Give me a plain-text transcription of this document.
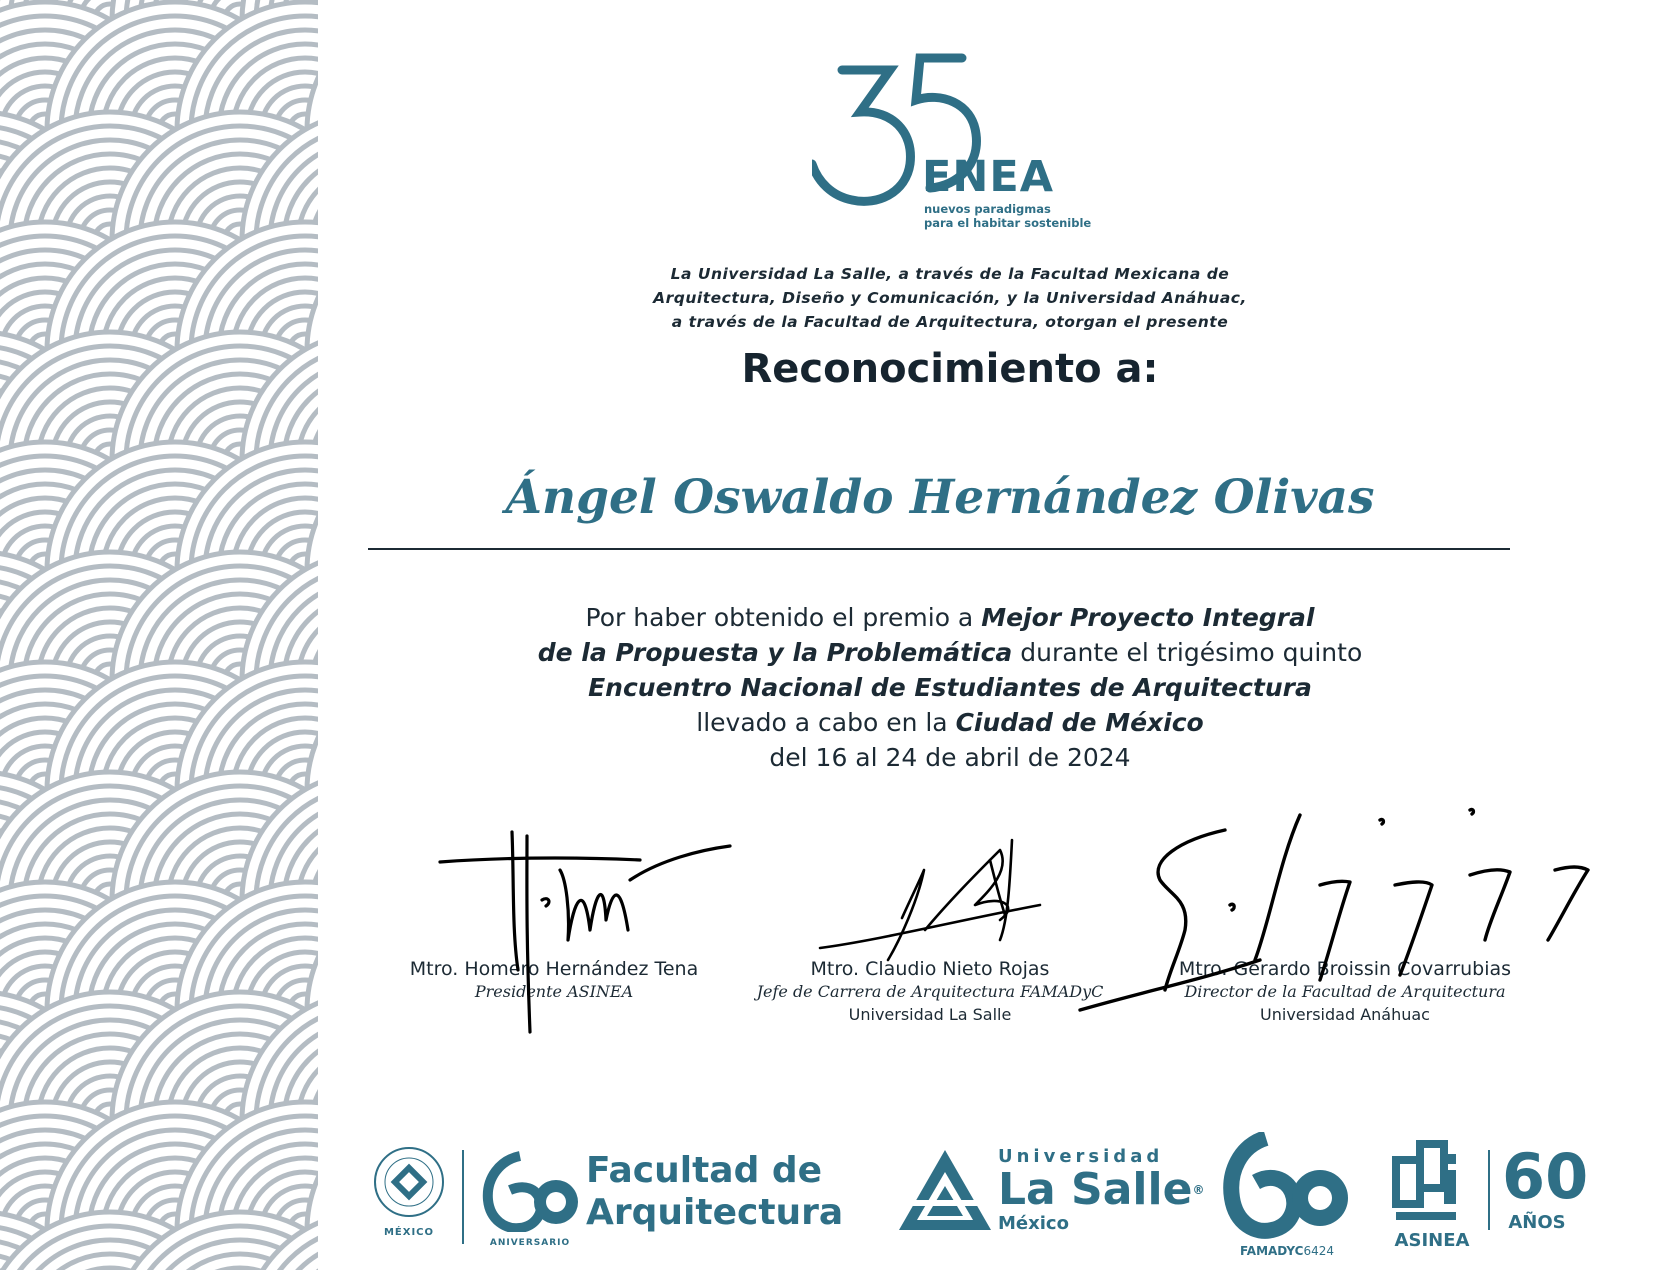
ENEA
nuevos paradigmas
para el habitar sostenible
La Universidad La Salle, a través de la Facultad Mexicana de
Arquitectura, Diseño y Comunicación, y la Universidad Anáhuac,
a través de la Facultad de Arquitectura, otorgan el presente
Reconocimiento a:
Ángel Oswaldo Hernández Olivas
Por haber obtenido el premio a Mejor Proyecto Integral
de la Propuesta y la Problemática durante el trigésimo quinto
Encuentro Nacional de Estudiantes de Arquitectura
llevado a cabo en la Ciudad de México
del 16 al 24 de abril de 2024
Mtro. Homero Hernández Tena
Presidente ASINEA
Mtro. Claudio Nieto Rojas
Jefe de Carrera de Arquitectura FAMADyC
Universidad La Salle
Mtro. Gerardo Broissin Covarrubias
Director de la Facultad de Arquitectura
Universidad Anáhuac
MÉXICO
ANIVERSARIO
Facultad de
Arquitectura
Universidad
La Salle®
México
FAMADYC6424	ASINEA
60
AÑOS
